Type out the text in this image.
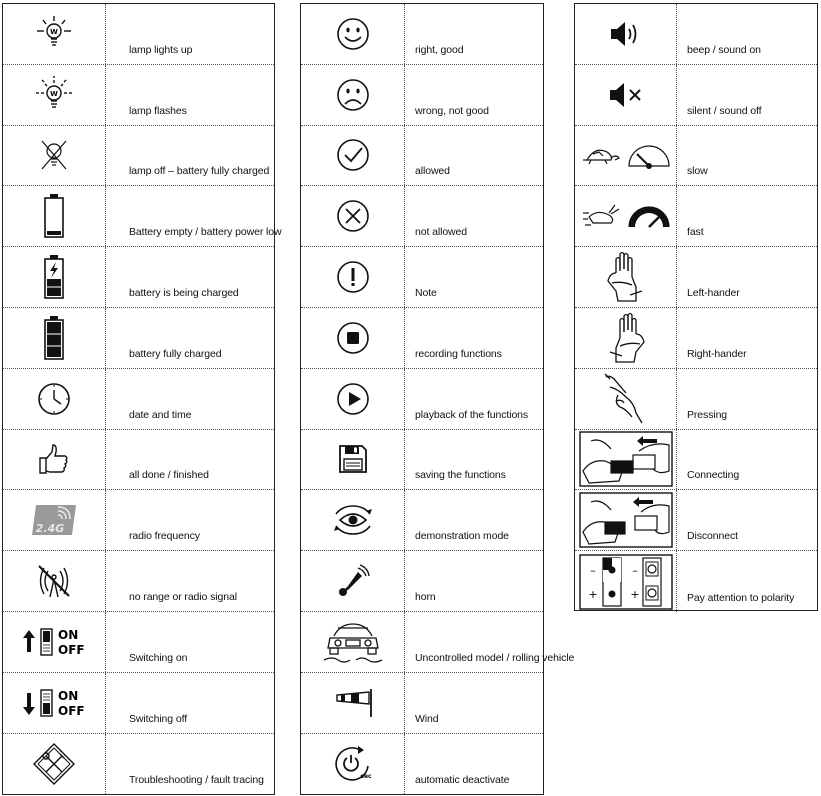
W
lamp lights up
W
lamp flashes
lamp off – battery fully charged
Battery empty / battery power low
battery is being charged
battery fully charged
date and time
all done / finished
2.4G
radio frequency
no range or radio signal
ON
OFF
Switching on
ON
OFF
Switching off
Troubleshooting / fault tracing
right, good
wrong, not good
allowed
not allowed
Note
recording functions
playback of the functions
saving the functions
demonstration mode
horn
Uncontrolled model / rolling vehicle
Wind
sec	automatic deactivate
beep / sound on
silent / sound off
slow
fast
Left-hander
Right-hander
Pressing
Connecting
Disconnect
–
+
–
+	Pay attention to polarity
